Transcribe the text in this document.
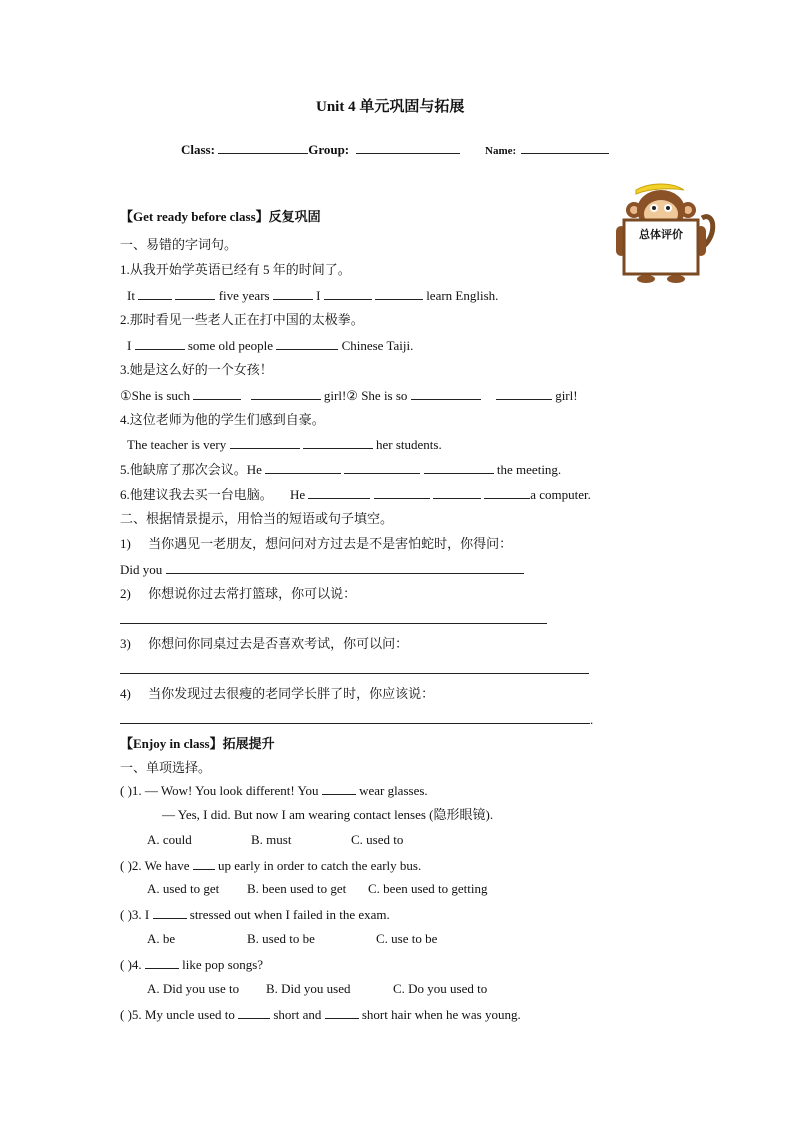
Unit 4 单元巩固与拓展
Class:	Group:	Name:
总体评价
【Get ready before class】反复巩固
一、易错的字词句。
1.从我开始学英语已经有 5 年的时间了。
It	five years	I	learn English.
2.那时看见一些老人正在打中国的太极拳。
I	some old people	Chinese Taiji.
3.她是这么好的一个女孩！
①She is such	girl!② She is so	girl!
4.这位老师为他的学生们感到自豪。
The teacher is very	her students.
5.他缺席了那次会议。He	the meeting.
6.他建议我去买一台电脑。 He	a computer.
二、根据情景提示，用恰当的短语或句子填空。
1) 当你遇见一老朋友，想问问对方过去是不是害怕蛇时，你得问：
Did you
2) 你想说你过去常打篮球，你可以说：
3) 你想问你同桌过去是否喜欢考试，你可以问：
4) 当你发现过去很瘦的老同学长胖了时，你应该说：
.
【Enjoy in class】拓展提升
一、单项选择。
( )1. — Wow! You look different! You	wear glasses.
— Yes, I did. But now I am wearing contact lenses (隐形眼镜).
A. could	B. must	C. used to
( )2. We have up early in order to catch the early bus.
A. used to get B. been used to get C. been used to getting
( )3. I	stressed out when I failed in the exam.
A. be	B. used to be	C. use to be
( )4.	like pop songs?
A. Did you use to B. Did you used	C. Do you used to
( )5. My uncle used to	short and	short hair when he was young.
